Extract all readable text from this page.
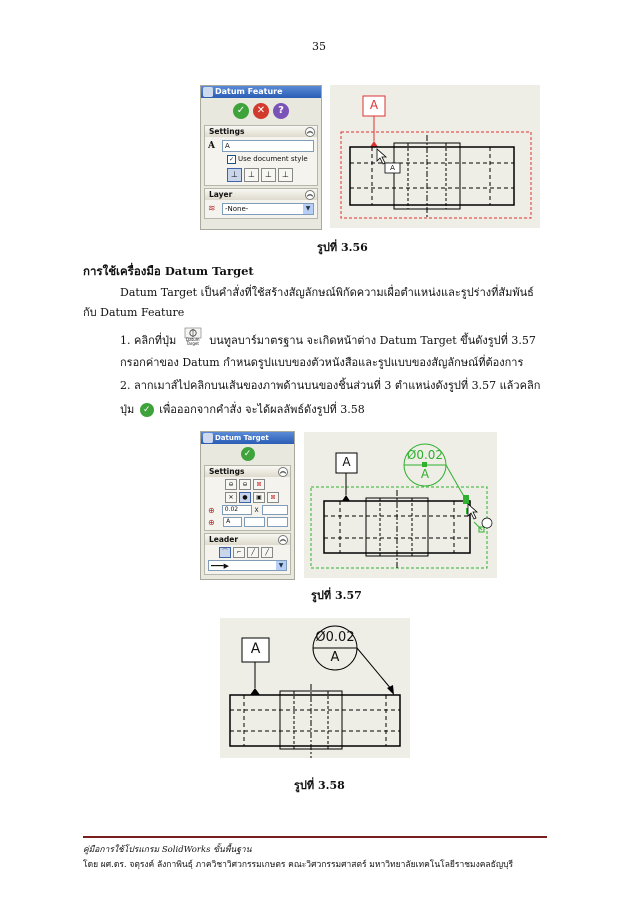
35
Datum Feature
✓	✕	?
Settings	︽
A	A
✓ Use document style
⊥ ⊥ ⊥ ⊥
Layer	︽
≋	-None-	▼
A
A
รูปที่ 3.56
การใช้เครื่องมือ Datum Target
Datum Target เป็นคำสั่งที่ใช้สร้างสัญลักษณ์พิกัดความเผื่อตำแหน่งและรูปร่างที่สัมพันธ์
กับ Datum Feature
1. คลิกที่ปุ่ม	Datum Target บนทูลบาร์มาตรฐาน จะเกิดหน้าต่าง Datum Target ขึ้นดังรูปที่ 3.57
กรอกค่าของ Datum กำหนดรูปแบบของตัวหนังสือและรูปแบบของสัญลักษณ์ที่ต้องการ
2. ลากเมาส์ไปคลิกบนเส้นของภาพด้านบนของชิ้นส่วนที่ 3 ตำแหน่งดังรูปที่ 3.57 แล้วคลิก
ปุ่ม ✓ เพื่อออกจากคำสั่ง จะได้ผลลัพธ์ดังรูปที่ 3.58
Datum Target
✓
Settings	︽
⊖ ⊖ ⊠
✕ ● ▣ ⊠
⊕	0.02	X
⊕	A
Leader	︽
⌒ ⌐ ╱ ╱
━━━▶	▼
A	Ø0.02
A
รูปที่ 3.57
A
Ø0.02
A
รูปที่ 3.58
คู่มือการใช้โปรแกรม SolidWorks ขั้นพื้นฐาน
โดย ผศ.ดร. จตุรงค์ ลังกาพินธุ์ ภาควิชาวิศวกรรมเกษตร คณะวิศวกรรมศาสตร์ มหาวิทยาลัยเทคโนโลยีราชมงคลธัญบุรี
